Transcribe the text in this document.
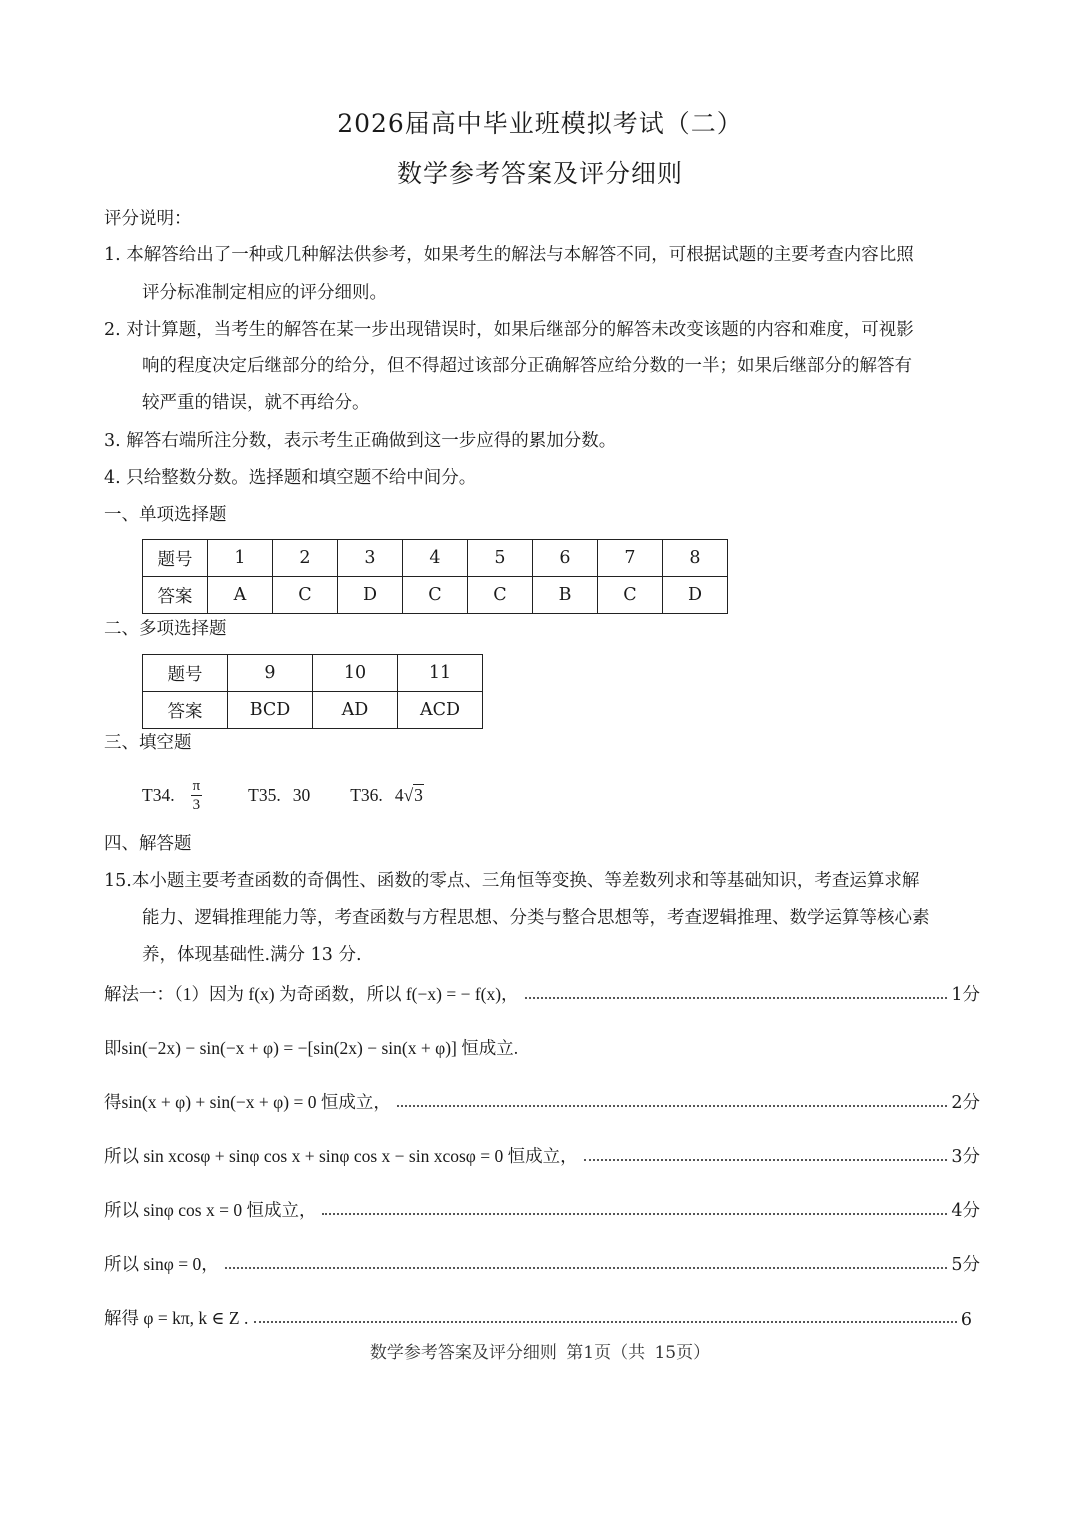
2026届高中毕业班模拟考试（二）
数学参考答案及评分细则
评分说明：
1. 本解答给出了一种或几种解法供参考，如果考生的解法与本解答不同，可根据试题的主要考查内容比照
评分标准制定相应的评分细则。
2. 对计算题，当考生的解答在某一步出现错误时，如果后继部分的解答未改变该题的内容和难度，可视影
响的程度决定后继部分的给分，但不得超过该部分正确解答应给分数的一半；如果后继部分的解答有
较严重的错误，就不再给分。
3. 解答右端所注分数，表示考生正确做到这一步应得的累加分数。
4. 只给整数分数。选择题和填空题不给中间分。
一、单项选择题
题号	1	2	3	4	5	6	7	8
答案	A	C	D	C	C	B	C	D
二、多项选择题
题号	9	10	11
答案	BCD	AD	ACD
三、填空题
T34. $\frac{\pi}{3}$	T35. 30 T36. 4 √ 3
四、解答题
15.本小题主要考查函数的奇偶性、函数的零点、三角恒等变换、等差数列求和等基础知识，考查运算求解
能力、逻辑推理能力等，考查函数与方程思想、分类与整合思想等，考查逻辑推理、数学运算等核心素
养，体现基础性.满分 13 分.
解法一：（1）因为 f(x) 为奇函数，所以 f(−x) = − f(x)，	1分
即sin(−2x) − sin(−x + φ) = −[sin(2x) − sin(x + φ)] 恒成立.
得sin(x + φ) + sin(−x + φ) = 0 恒成立，	2分
所以 sin xcosφ + sinφ cos x + sinφ cos x − sin xcosφ = 0 恒成立，	3分
所以 sinφ cos x = 0 恒成立，	4分
所以 sinφ = 0，	5分
解得 φ = kπ, k ∈ Z .	6
数学参考答案及评分细则 第1页（共 15页）
